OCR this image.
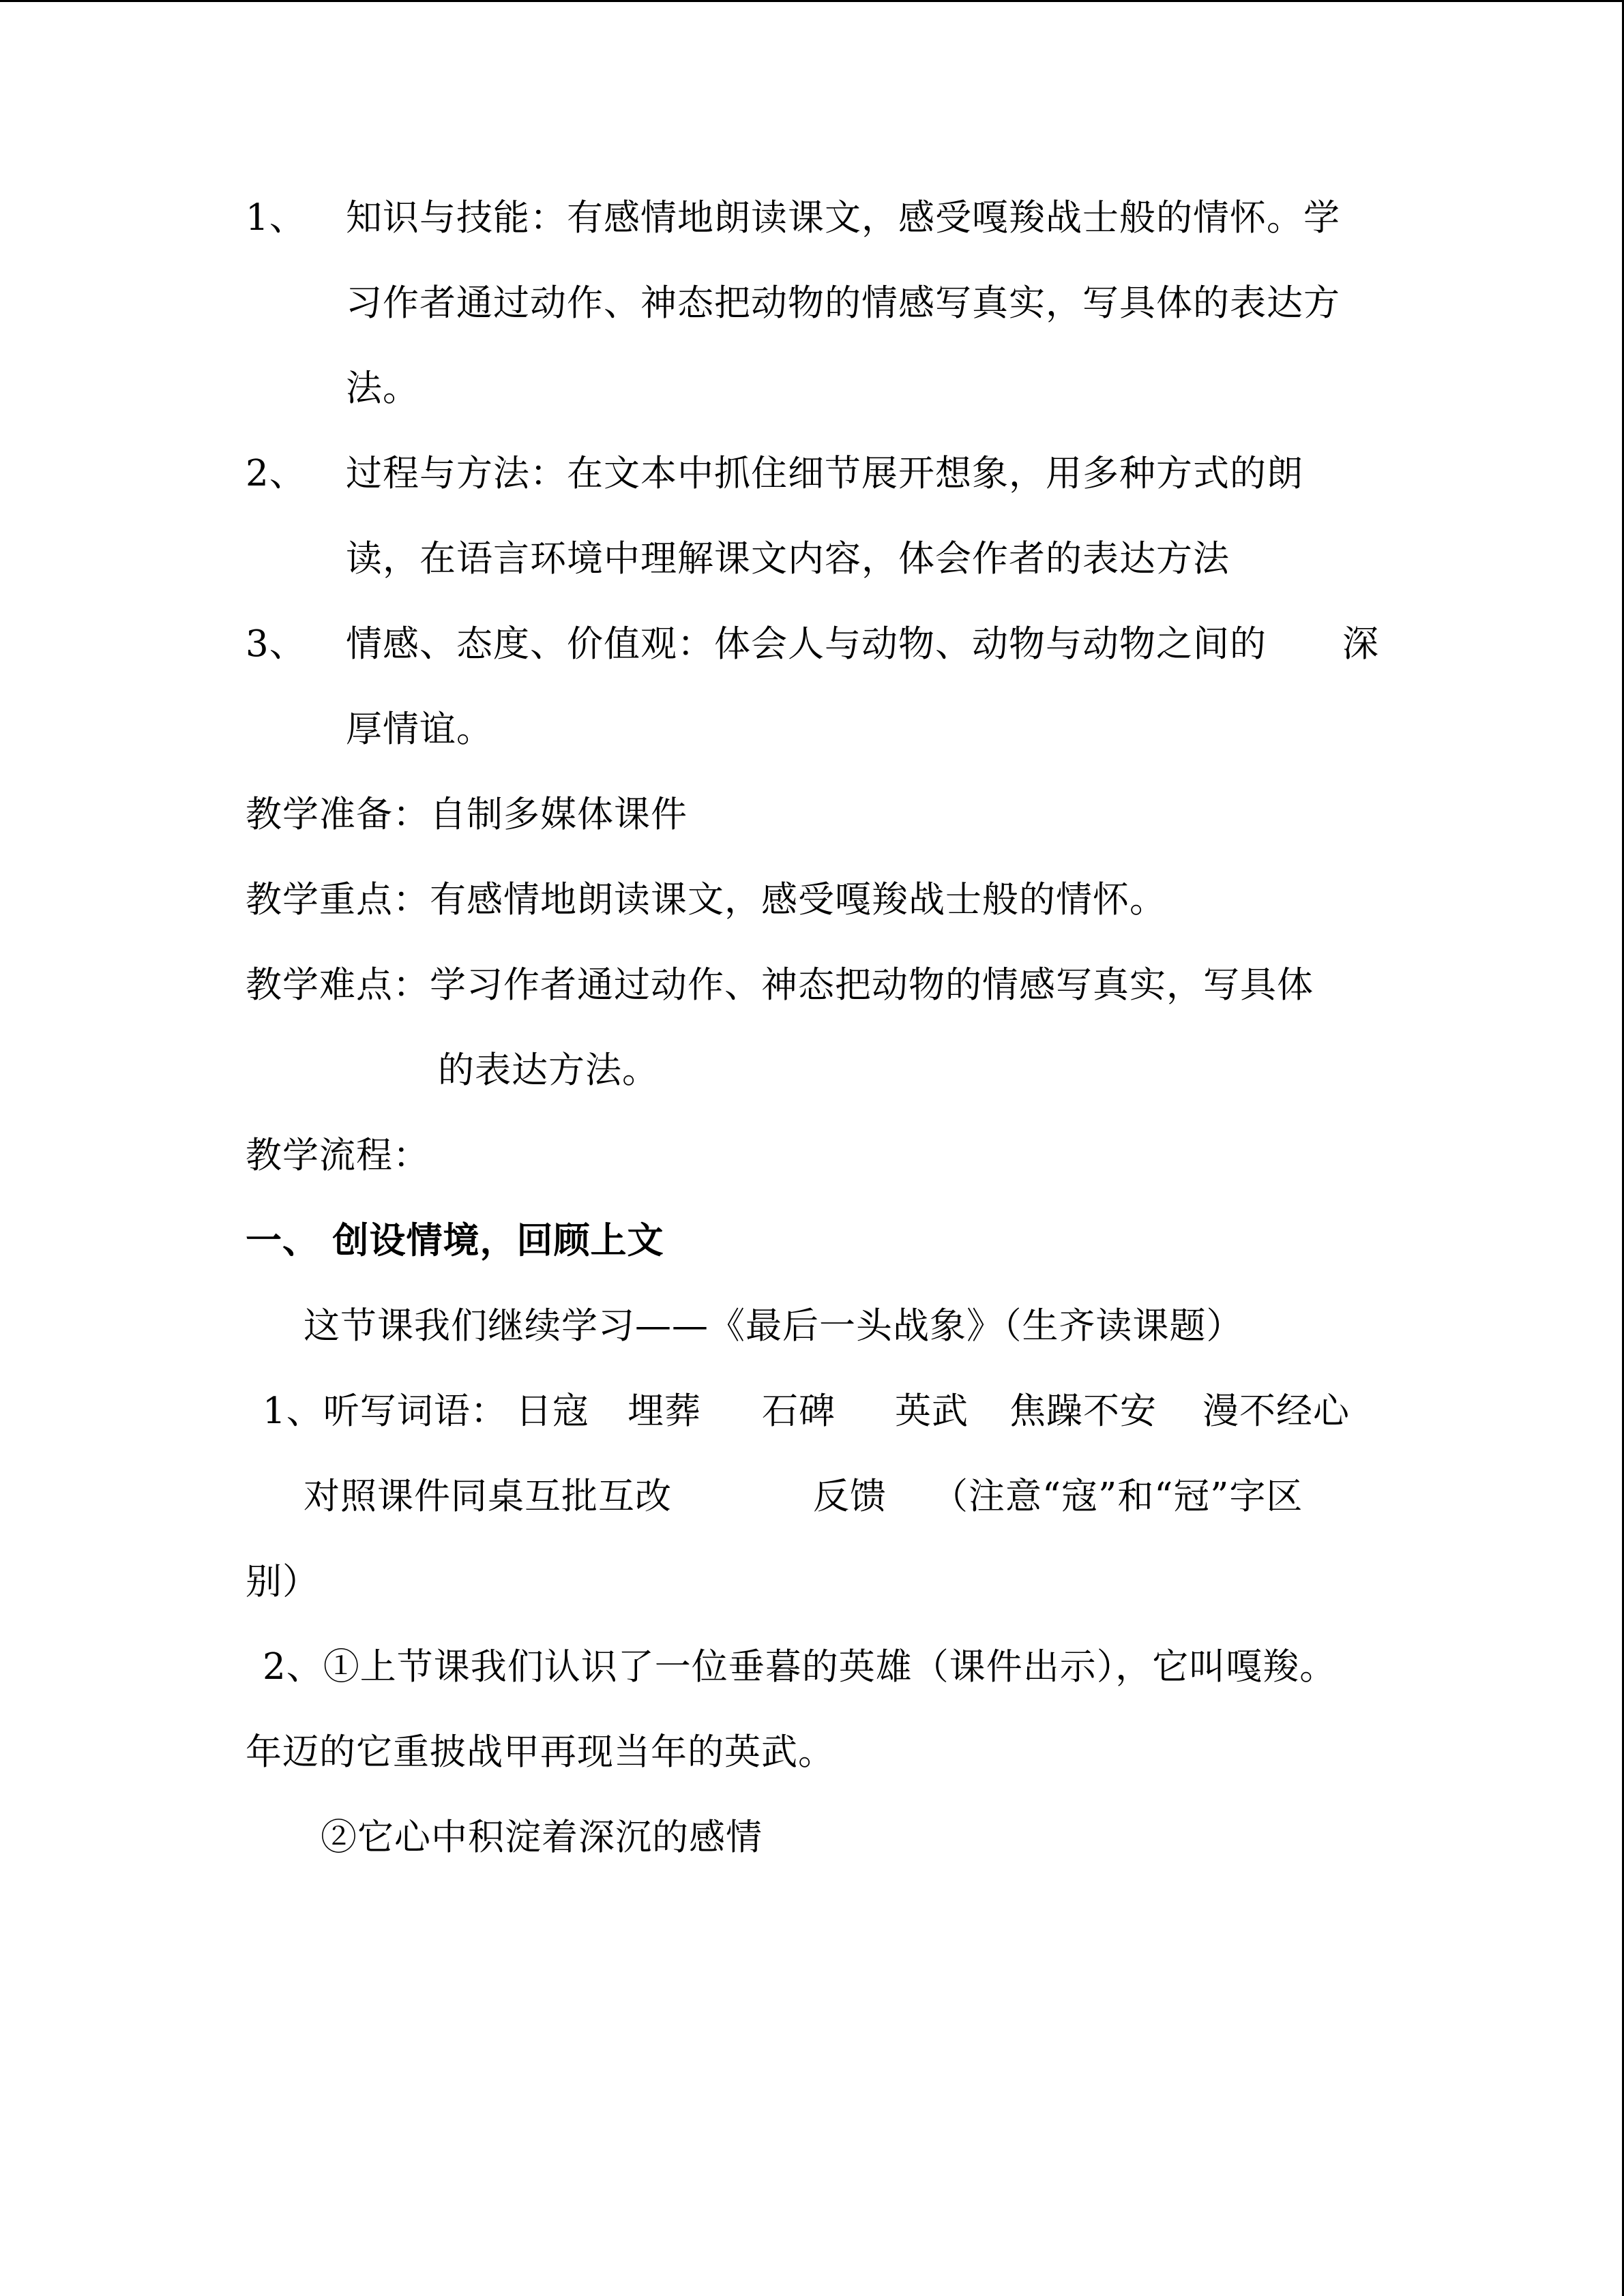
1、 知识与技能：有感情地朗读课文，感受嘎羧战士般的情怀。学
习作者通过动作、神态把动物的情感写真实，写具体的表达方
法。
2、 过程与方法：在文本中抓住细节展开想象，用多种方式的朗
读，在语言环境中理解课文内容，体会作者的表达方法
3、 情感、态度、价值观：体会人与动物、动物与动物之间的 深
厚情谊。
教学准备：自制多媒体课件
教学重点：有感情地朗读课文，感受嘎羧战士般的情怀。
教学难点：学习作者通过动作、神态把动物的情感写真实，写具体
的表达方法。
教学流程：
一、 创设情境，回顾上文
这节课我们继续学习——《最后一头战象》（生齐读课题）
1、听写词语： 日寇 埋葬 石碑 英武 焦躁不安 漫不经心
对照课件同桌互批互改	反馈 （注意“寇”和“冠”字区
别）
2、①上节课我们认识了一位垂暮的英雄（课件出示），它叫嘎羧。
年迈的它重披战甲再现当年的英武。
②它心中积淀着深沉的感情
